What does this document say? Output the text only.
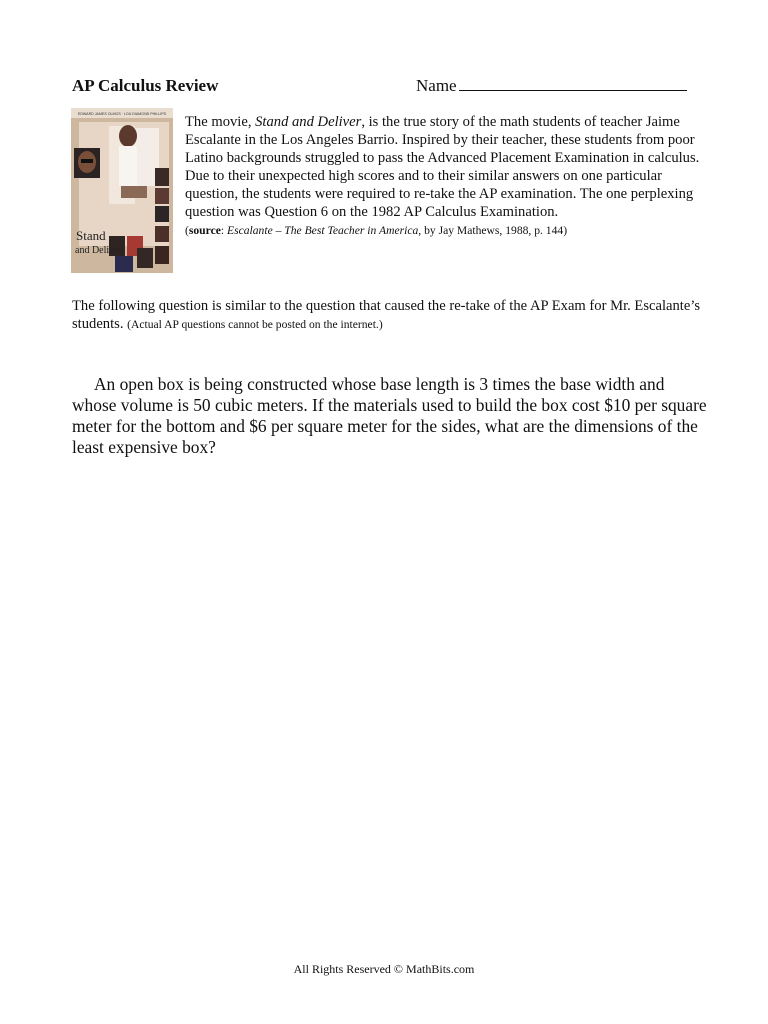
AP Calculus Review	Name
EDWARD JAMES OLMOS · LOU DIAMOND PHILLIPS
Stand
and Deliver

The movie, Stand and Deliver, is the true story of the math students of teacher Jaime Escalante in the Los Angeles Barrio. Inspired by their teacher, these students from poor Latino backgrounds struggled to pass the Advanced Placement Examination in calculus. Due to their unexpected high scores and to their similar answers on one particular question, the students were required to re-take the AP examination. The one perplexing question was Question 6 on the 1982 AP Calculus Examination.
(source: Escalante – The Best Teacher in America, by Jay Mathews, 1988, p. 144)

The following question is similar to the question that caused the re-take of the AP Exam for Mr. Escalante’s students. (Actual AP questions cannot be posted on the internet.)

An open box is being constructed whose base length is 3 times the base width and whose volume is 50 cubic meters. If the materials used to build the box cost $10 per square meter for the bottom and $6 per square meter for the sides, what are the dimensions of the least expensive box?

All Rights Reserved © MathBits.com
